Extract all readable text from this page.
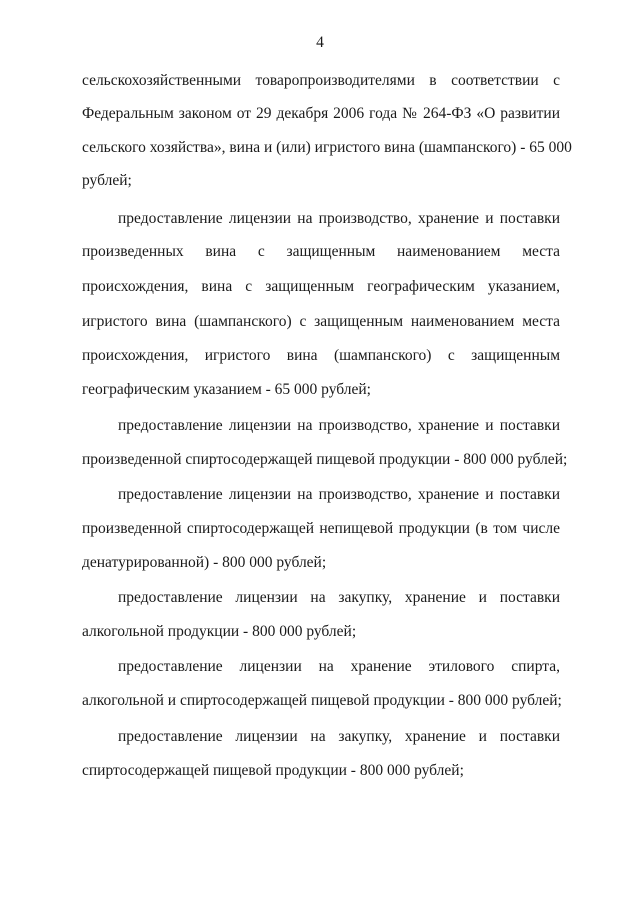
4
сельскохозяйственными товаропроизводителями в соответствии с
Федеральным законом от 29 декабря 2006 года № 264-ФЗ «О развитии
сельского хозяйства», вина и (или) игристого вина (шампанского) - 65 000
рублей;
предоставление лицензии на производство, хранение и поставки
произведенных вина с защищенным наименованием места
происхождения, вина с защищенным географическим указанием,
игристого вина (шампанского) с защищенным наименованием места
происхождения, игристого вина (шампанского) с защищенным
географическим указанием - 65 000 рублей;
предоставление лицензии на производство, хранение и поставки
произведенной спиртосодержащей пищевой продукции - 800 000 рублей;
предоставление лицензии на производство, хранение и поставки
произведенной спиртосодержащей непищевой продукции (в том числе
денатурированной) - 800 000 рублей;
предоставление лицензии на закупку, хранение и поставки
алкогольной продукции - 800 000 рублей;
предоставление лицензии на хранение этилового спирта,
алкогольной и спиртосодержащей пищевой продукции - 800 000 рублей;
предоставление лицензии на закупку, хранение и поставки
спиртосодержащей пищевой продукции - 800 000 рублей;
